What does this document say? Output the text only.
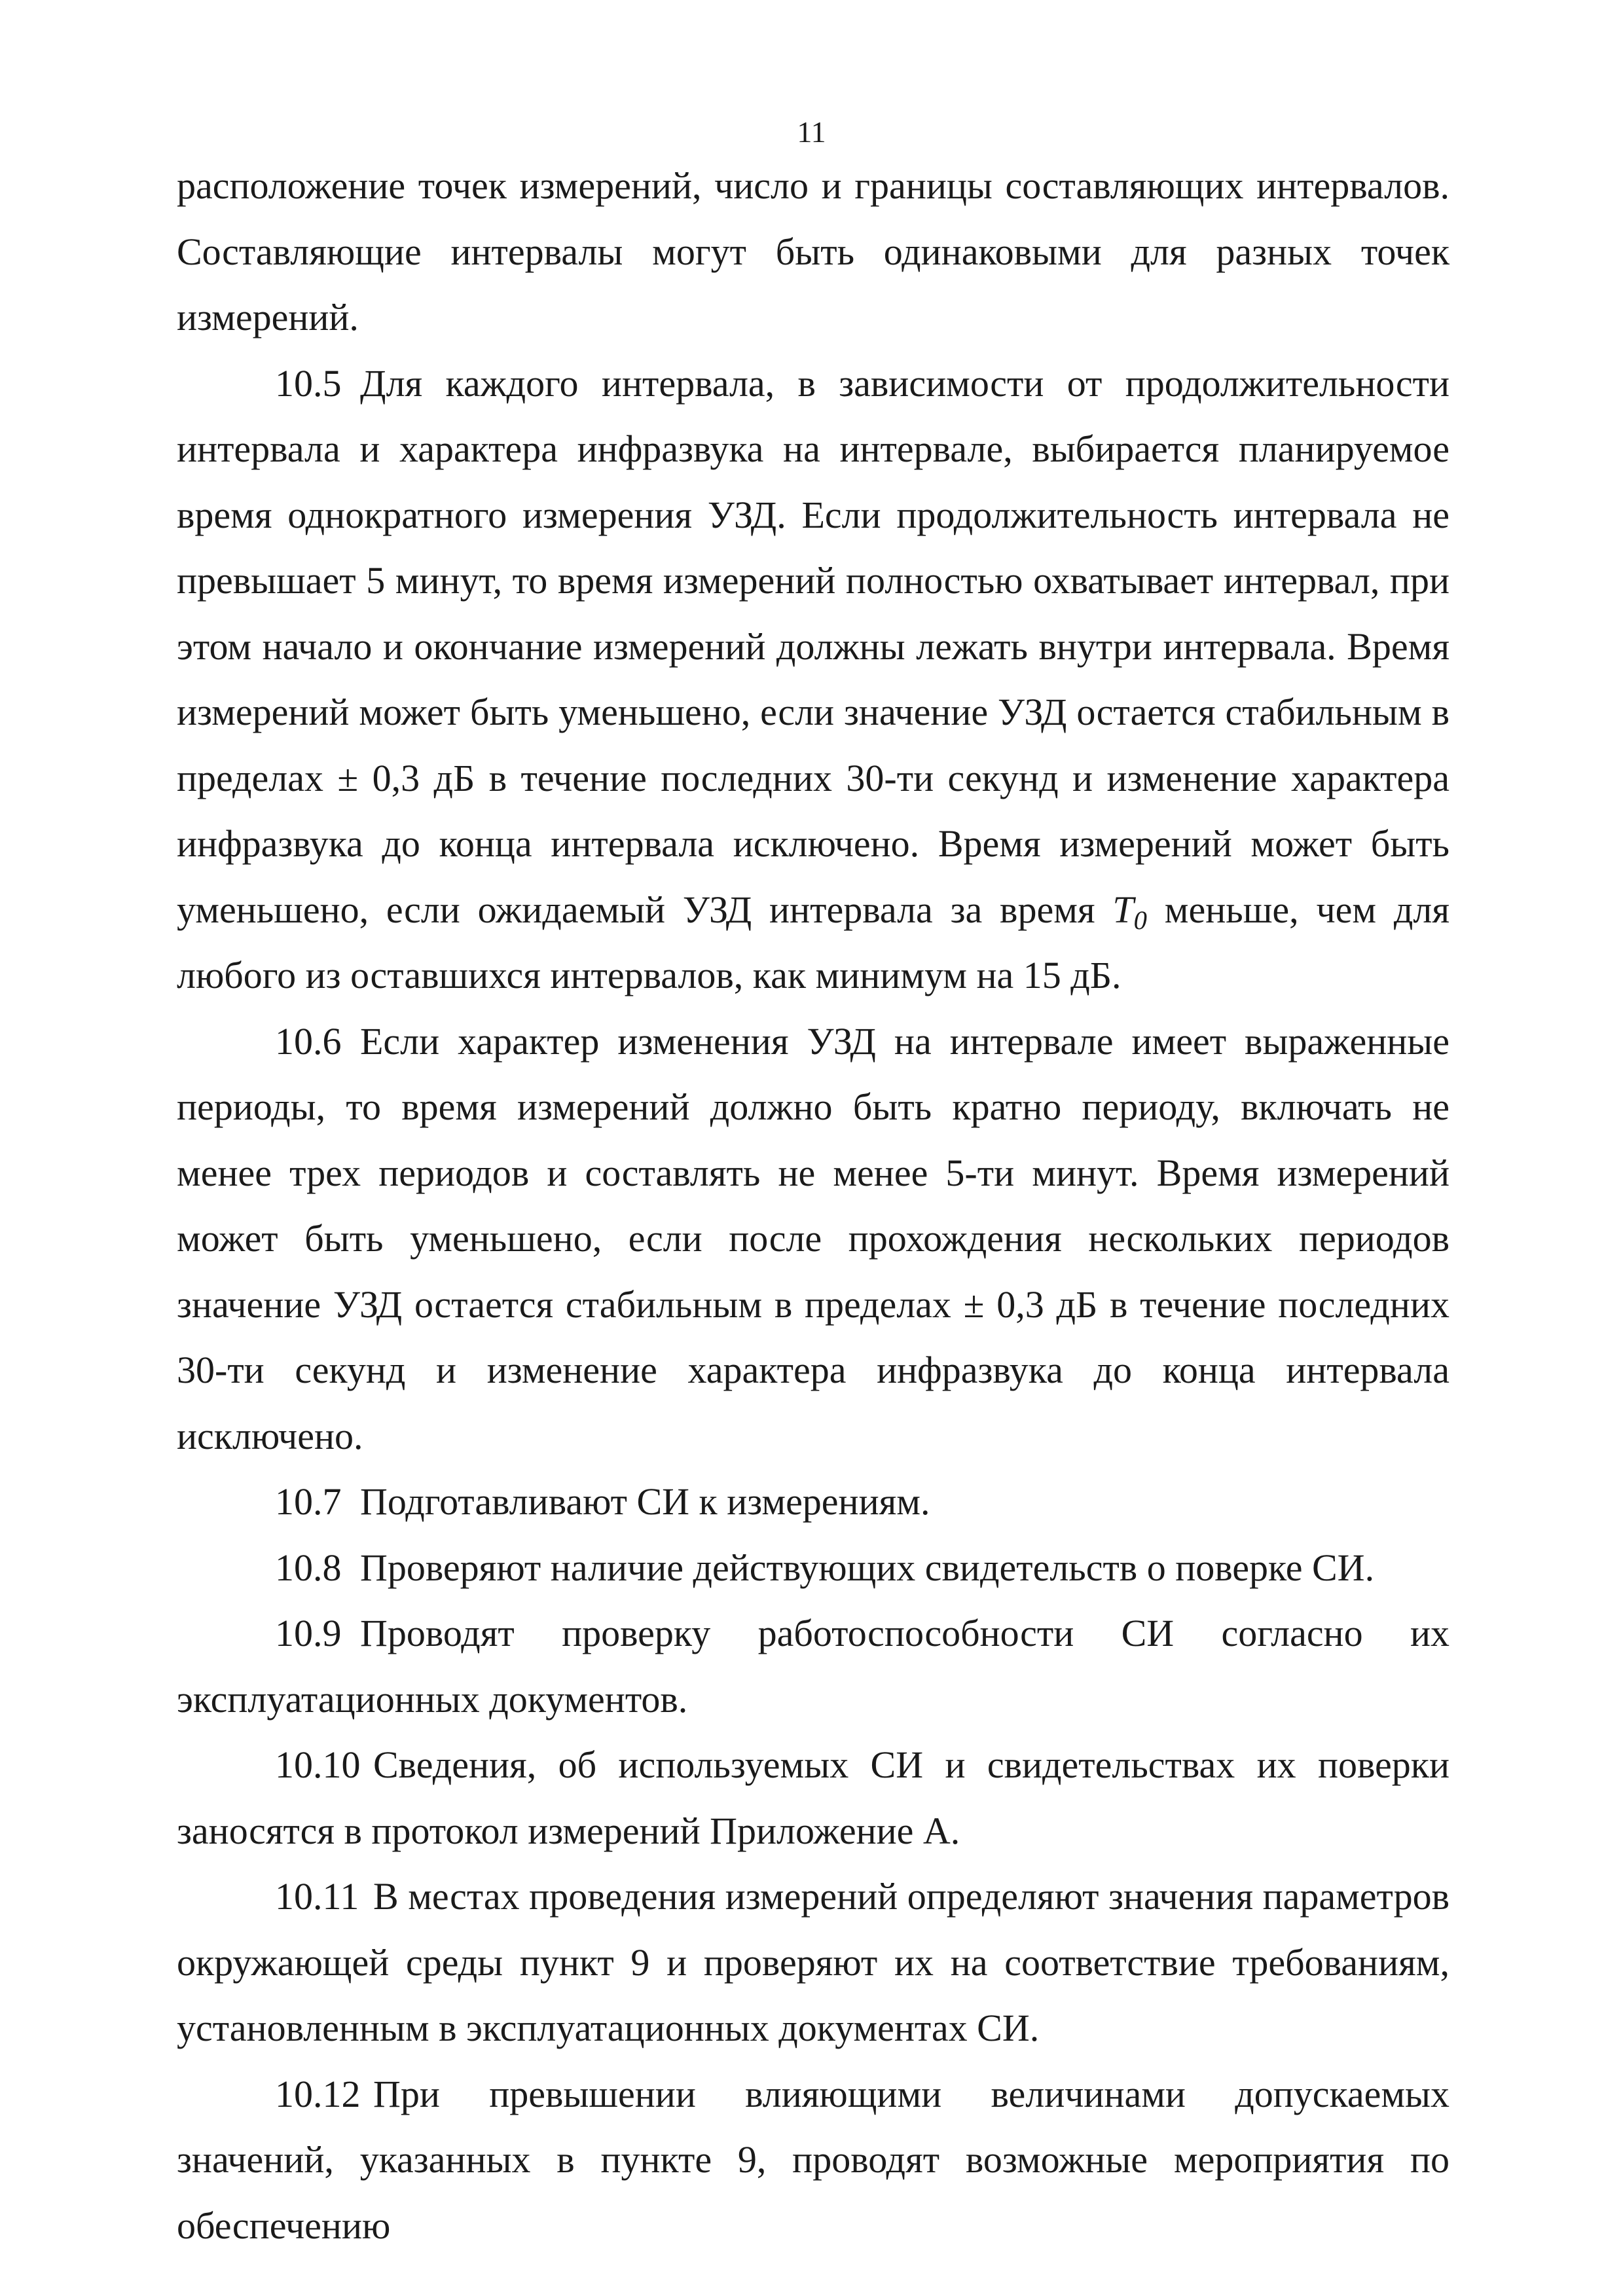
11

расположение точек измерений, число и границы составляющих интервалов. Составляющие интервалы могут быть одинаковыми для разных точек измерений.

10.5 Для каждого интервала, в зависимости от продолжительности интервала и характера инфразвука на интервале, выбирается планируемое время однократного измерения УЗД. Если продолжительность интервала не превышает 5 минут, то время измерений полностью охватывает интервал, при этом начало и окончание измерений должны лежать внутри интервала. Время измерений может быть уменьшено, если значение УЗД остается стабильным в пределах ± 0,3 дБ в течение последних 30-ти секунд и изменение характера инфразвука до конца интервала исключено. Время измерений может быть уменьшено, если ожидаемый УЗД интервала за время $T_0$ меньше, чем для любого из оставшихся интервалов, как минимум на 15 дБ.

10.6 Если характер изменения УЗД на интервале имеет выраженные периоды, то время измерений должно быть кратно периоду, включать не менее трех периодов и составлять не менее 5-ти минут. Время измерений может быть уменьшено, если после прохождения нескольких периодов значение УЗД остается стабильным в пределах ± 0,3 дБ в течение последних 30-ти секунд и изменение характера инфразвука до конца интервала исключено.

10.7 Подготавливают СИ к измерениям.

10.8 Проверяют наличие действующих свидетельств о поверке СИ.

10.9 Проводят проверку работоспособности СИ согласно их

эксплуатационных документов.

10.10 Сведения, об используемых СИ и свидетельствах их поверки заносятся в протокол измерений Приложение А.

10.11 В местах проведения измерений определяют значения параметров окружающей среды пункт 9 и проверяют их на соответствие требованиям, установленным в эксплуатационных документах СИ.

10.12 При превышении влияющими величинами допускаемых значений, указанных в пункте 9, проводят возможные мероприятия по обеспечению
